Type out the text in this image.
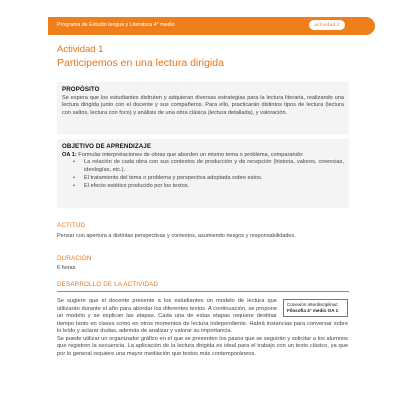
Programa de Estudio lengua y Literatura 4° medio	actividad 1
Actividad 1
Participemos en una lectura dirigida
PROPÓSITO

Se espera que los estudiantes disfruten y adquieran diversas estrategias para la lectura literaria, realizando una lectura dirigida junto con el docente y sus compañeros. Para ello, practicarán distintos tipos de lectura (lectura con saltos, lectura con foco) y análisis de una obra clásica (lectura detallada), y valoración.

OBJETIVO DE APRENDIZAJE
OA 1: Formular interpretaciones de obras que aborden un mismo tema o problema, comparando:
• La relación de cada obra con sus contextos de producción y de recepción (historia, valores, creencias, ideologías, etc.).
• El tratamiento del tema o problema y perspectiva adoptada sobre estos.
• El efecto estético producido por los textos.
ACTITUD
Pensar con apertura a distintas perspectivas y contextos, asumiendo riesgos y responsabilidades.
DURACIÓN
6 horas
DESARROLLO DE LA ACTIVIDAD
Conexión interdisciplinar:
Filosofía 4° medio OA 1

Se sugiere que el docente presente a los estudiantes un modelo de lectura que utilizarán durante el año para abordar los diferentes textos. A continuación, se propone un modelo y se explican las etapas. Cada una de estas etapas requiere destinar tiempo tanto en clases como en otros momentos de lectura independiente. Habrá instancias para conversar sobre lo leído y aclarar dudas, además de analizar y valorar su importancia.

Se puede utilizar un organizador gráfico en el que se presenten los pasos que se seguirán y solicitar a los alumnos que registren la secuencia. La aplicación de la lectura dirigida es ideal para el trabajo con un texto clásico, ya que por lo general requiere una mayor mediación que textos más contemporáneos.
